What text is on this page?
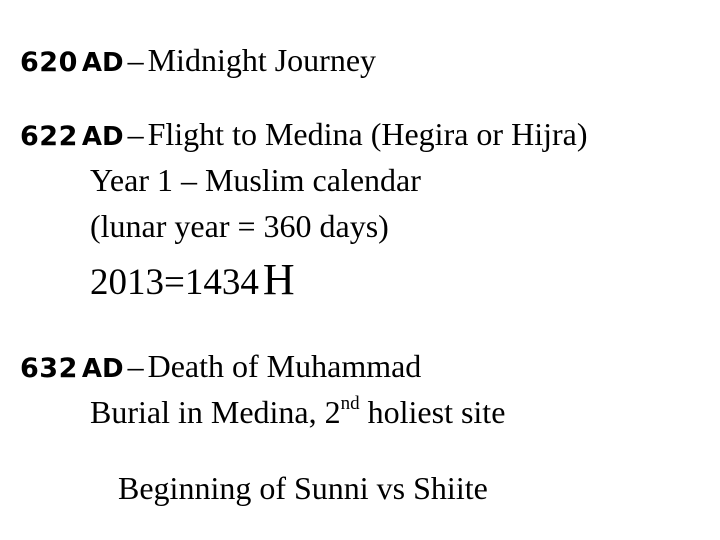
620 AD – Midnight Journey
622 AD – Flight to Medina (Hegira or Hijra)
Year 1 – Muslim calendar
(lunar year = 360 days)
2013=1434 H
632 AD – Death of Muhammad
Burial in Medina, 2nd holiest site
Beginning of Sunni vs Shiite
